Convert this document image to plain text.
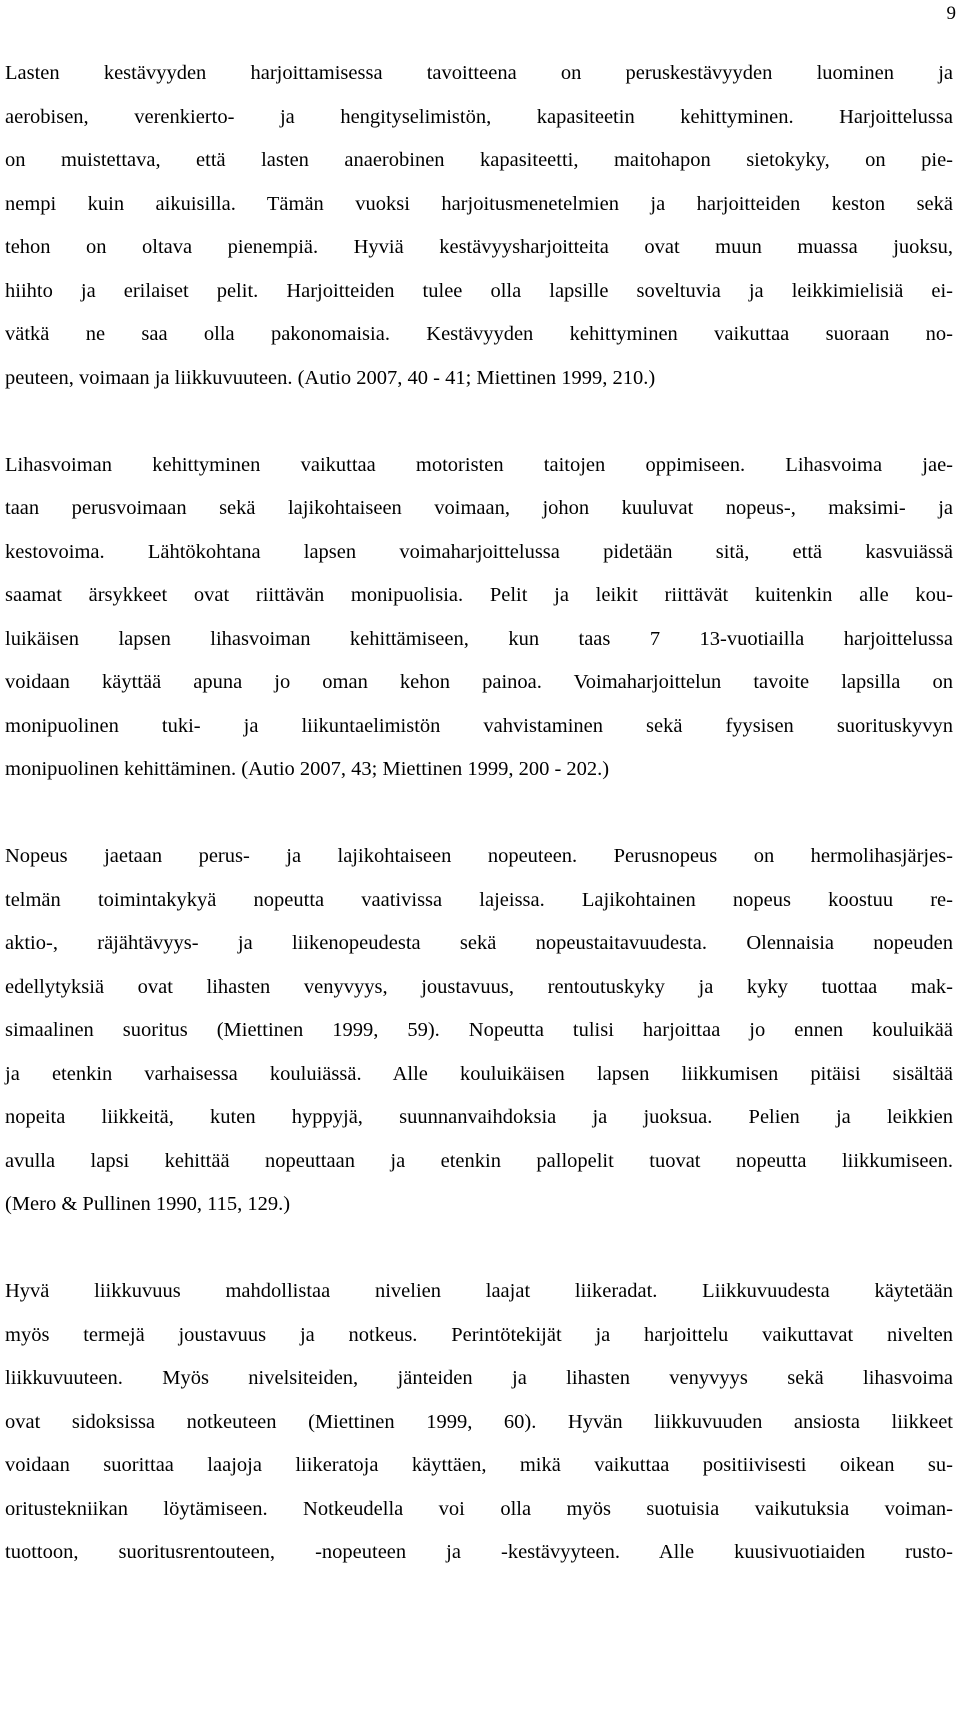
9
Lasten kestävyyden harjoittamisessa tavoitteena on peruskestävyyden luominen ja
aerobisen, verenkierto- ja hengityselimistön, kapasiteetin kehittyminen. Harjoittelussa
on muistettava, että lasten anaerobinen kapasiteetti, maitohapon sietokyky, on pie-
nempi kuin aikuisilla. Tämän vuoksi harjoitusmenetelmien ja harjoitteiden keston sekä
tehon on oltava pienempiä. Hyviä kestävyysharjoitteita ovat muun muassa juoksu,
hiihto ja erilaiset pelit. Harjoitteiden tulee olla lapsille soveltuvia ja leikkimielisiä ei-
vätkä ne saa olla pakonomaisia. Kestävyyden kehittyminen vaikuttaa suoraan no-
peuteen, voimaan ja liikkuvuuteen. (Autio 2007, 40 - 41; Miettinen 1999, 210.)
Lihasvoiman kehittyminen vaikuttaa motoristen taitojen oppimiseen. Lihasvoima jae-
taan perusvoimaan sekä lajikohtaiseen voimaan, johon kuuluvat nopeus-, maksimi- ja
kestovoima. Lähtökohtana lapsen voimaharjoittelussa pidetään sitä, että kasvuiässä
saamat ärsykkeet ovat riittävän monipuolisia. Pelit ja leikit riittävät kuitenkin alle kou-
luikäisen lapsen lihasvoiman kehittämiseen, kun taas 7 13-vuotiailla harjoittelussa
voidaan käyttää apuna jo oman kehon painoa. Voimaharjoittelun tavoite lapsilla on
monipuolinen tuki- ja liikuntaelimistön vahvistaminen sekä fyysisen suorituskyvyn
monipuolinen kehittäminen. (Autio 2007, 43; Miettinen 1999, 200 - 202.)
Nopeus jaetaan perus- ja lajikohtaiseen nopeuteen. Perusnopeus on hermolihasjärjes-
telmän toimintakykyä nopeutta vaativissa lajeissa. Lajikohtainen nopeus koostuu re-
aktio-, räjähtävyys- ja liikenopeudesta sekä nopeustaitavuudesta. Olennaisia nopeuden
edellytyksiä ovat lihasten venyvyys, joustavuus, rentoutuskyky ja kyky tuottaa mak-
simaalinen suoritus (Miettinen 1999, 59). Nopeutta tulisi harjoittaa jo ennen kouluikää
ja etenkin varhaisessa kouluiässä. Alle kouluikäisen lapsen liikkumisen pitäisi sisältää
nopeita liikkeitä, kuten hyppyjä, suunnanvaihdoksia ja juoksua. Pelien ja leikkien
avulla lapsi kehittää nopeuttaan ja etenkin pallopelit tuovat nopeutta liikkumiseen.
(Mero & Pullinen 1990, 115, 129.)
Hyvä liikkuvuus mahdollistaa nivelien laajat liikeradat. Liikkuvuudesta käytetään
myös termejä joustavuus ja notkeus. Perintötekijät ja harjoittelu vaikuttavat nivelten
liikkuvuuteen. Myös nivelsiteiden, jänteiden ja lihasten venyvyys sekä lihasvoima
ovat sidoksissa notkeuteen (Miettinen 1999, 60). Hyvän liikkuvuuden ansiosta liikkeet
voidaan suorittaa laajoja liikeratoja käyttäen, mikä vaikuttaa positiivisesti oikean su-
oritustekniikan löytämiseen. Notkeudella voi olla myös suotuisia vaikutuksia voiman-
tuottoon, suoritusrentouteen, -nopeuteen ja -kestävyyteen. Alle kuusivuotiaiden rusto-
